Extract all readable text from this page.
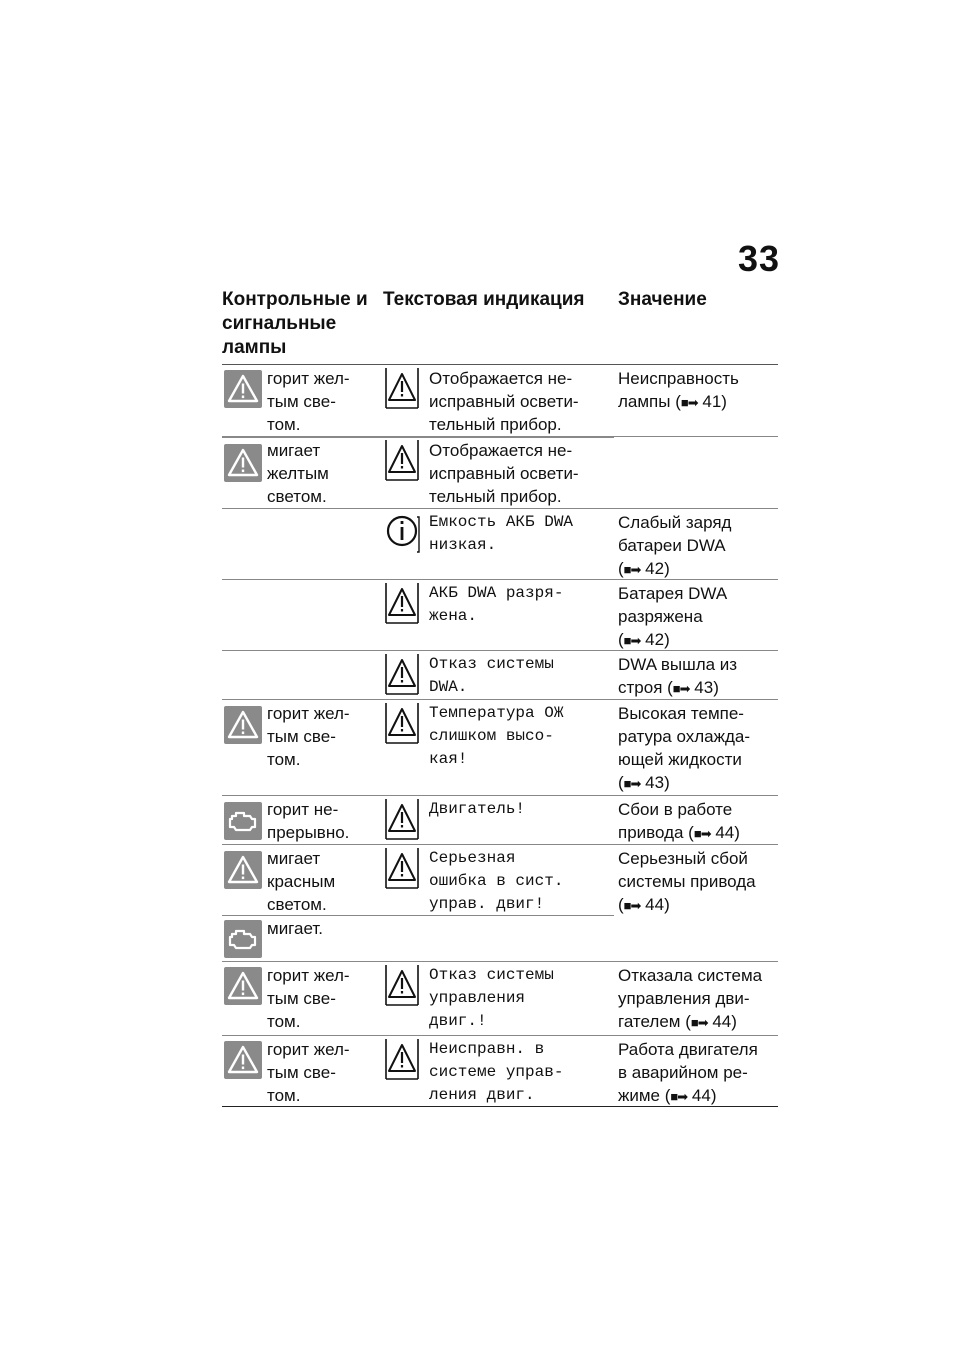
33
Контрольные и сигнальные лампы
Текстовая индикация	Значение
горит жел-
тым све-
том.
Отображается не-
исправный освети-
тельный прибор.
Неисправность
лампы (■➡ 41)
мигает
желтым
светом.
Отображается не-
исправный освети-
тельный прибор.
Емкость АКБ DWA
низкая.
Слабый заряд
батареи DWA
(■➡ 42)
АКБ DWA разря-
жена.
Батарея DWA
разряжена
(■➡ 42)
Отказ системы
DWA.
DWA вышла из
строя (■➡ 43)
горит жел-
тым све-
том.
Температура ОЖ
слишком высо-
кая!
Высокая темпе-
ратура охлажда-
ющей жидкости
(■➡ 43)
горит не-
прерывно.
Двигатель!	Сбои в работе
привода (■➡ 44)
мигает
красным
светом.
Серьезная
ошибка в сист.
управ. двиг!
Серьезный сбой
системы привода
(■➡ 44)
мигает.
горит жел-
тым све-
том.
Отказ системы
управления
двиг.!
Отказала система
управления дви-
гателем (■➡ 44)
горит жел-
тым све-
том.
Неисправн. в
системе управ-
ления двиг.
Работа двигателя
в аварийном ре-
жиме (■➡ 44)
